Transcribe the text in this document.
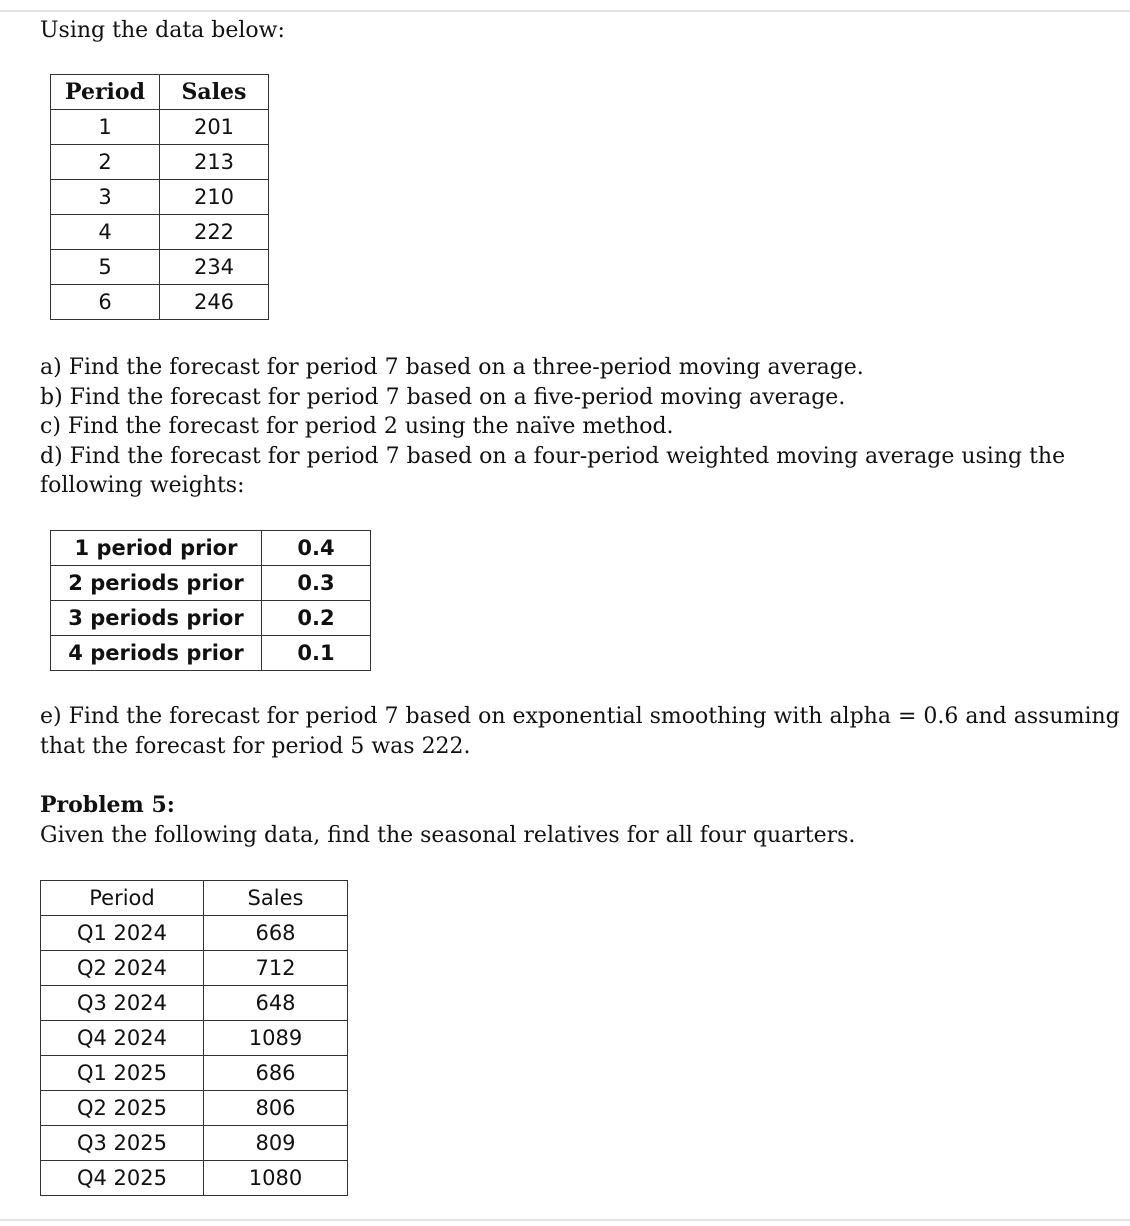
Using the data below:
Period	Sales
1	201
2	213
3	210
4	222
5	234
6	246
a) Find the forecast for period 7 based on a three-period moving average.
b) Find the forecast for period 7 based on a five-period moving average.
c) Find the forecast for period 2 using the naïve method.
d) Find the forecast for period 7 based on a four-period weighted moving average using the
following weights:
1 period prior	0.4
2 periods prior	0.3
3 periods prior	0.2
4 periods prior	0.1
e) Find the forecast for period 7 based on exponential smoothing with alpha = 0.6 and assuming
that the forecast for period 5 was 222.
Problem 5:
Given the following data, find the seasonal relatives for all four quarters.
Period	Sales
Q1 2024	668
Q2 2024	712
Q3 2024	648
Q4 2024	1089
Q1 2025	686
Q2 2025	806
Q3 2025	809
Q4 2025	1080
